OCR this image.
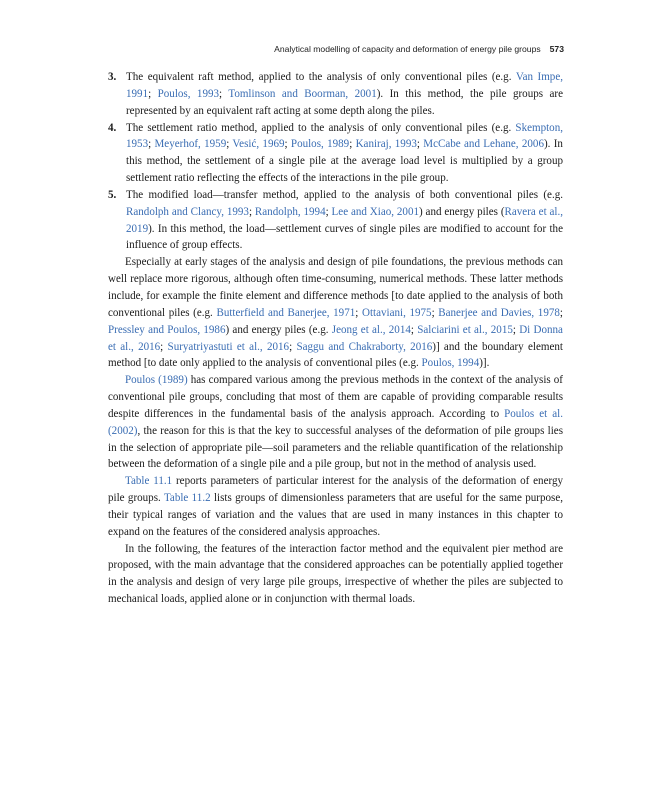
Analytical modelling of capacity and deformation of energy pile groups 573
3. The equivalent raft method, applied to the analysis of only conventional piles (e.g. Van Impe, 1991; Poulos, 1993; Tomlinson and Boorman, 2001). In this method, the pile groups are represented by an equivalent raft acting at some depth along the piles.
4. The settlement ratio method, applied to the analysis of only conventional piles (e.g. Skempton, 1953; Meyerhof, 1959; Vesić, 1969; Poulos, 1989; Kaniraj, 1993; McCabe and Lehane, 2006). In this method, the settlement of a single pile at the average load level is multiplied by a group settlement ratio reflecting the effects of the interactions in the pile group.
5. The modified load—transfer method, applied to the analysis of both conventional piles (e.g. Randolph and Clancy, 1993; Randolph, 1994; Lee and Xiao, 2001) and energy piles (Ravera et al., 2019). In this method, the load—settlement curves of single piles are modified to account for the influence of group effects.

Especially at early stages of the analysis and design of pile foundations, the previous methods can well replace more rigorous, although often time-consuming, numerical methods. These latter methods include, for example the finite element and difference methods [to date applied to the analysis of both conventional piles (e.g. Butterfield and Banerjee, 1971; Ottaviani, 1975; Banerjee and Davies, 1978; Pressley and Poulos, 1986) and energy piles (e.g. Jeong et al., 2014; Salciarini et al., 2015; Di Donna et al., 2016; Suryatriyastuti et al., 2016; Saggu and Chakraborty, 2016)] and the boundary element method [to date only applied to the analysis of conventional piles (e.g. Poulos, 1994)].

Poulos (1989) has compared various among the previous methods in the context of the analysis of conventional pile groups, concluding that most of them are capable of providing comparable results despite differences in the fundamental basis of the analysis approach. According to Poulos et al. (2002), the reason for this is that the key to successful analyses of the deformation of pile groups lies in the selection of appropriate pile—soil parameters and the reliable quantification of the relationship between the deformation of a single pile and a pile group, but not in the method of analysis used.

Table 11.1 reports parameters of particular interest for the analysis of the deformation of energy pile groups. Table 11.2 lists groups of dimensionless parameters that are useful for the same purpose, their typical ranges of variation and the values that are used in many instances in this chapter to expand on the features of the considered analysis approaches.

In the following, the features of the interaction factor method and the equivalent pier method are proposed, with the main advantage that the considered approaches can be potentially applied together in the analysis and design of very large pile groups, irrespective of whether the piles are subjected to mechanical loads, applied alone or in conjunction with thermal loads.
